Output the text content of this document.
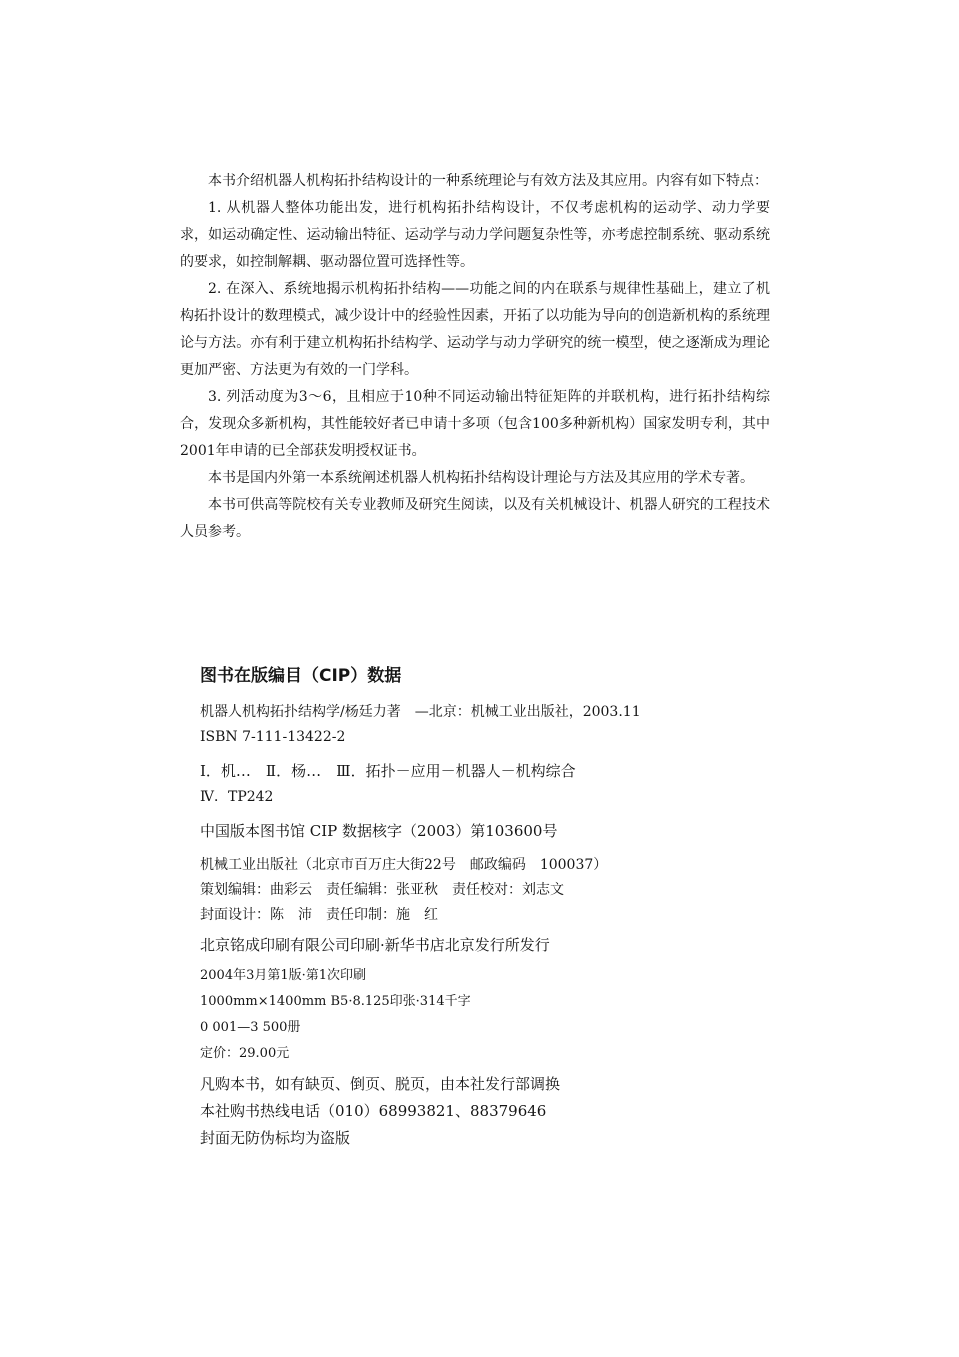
本书介绍机器人机构拓扑结构设计的一种系统理论与有效方法及其应用。内容有如下特点：

1. 从机器人整体功能出发，进行机构拓扑结构设计，不仅考虑机构的运动学、动力学要求，如运动确定性、运动输出特征、运动学与动力学问题复杂性等，亦考虑控制系统、驱动系统的要求，如控制解耦、驱动器位置可选择性等。

2. 在深入、系统地揭示机构拓扑结构——功能之间的内在联系与规律性基础上，建立了机构拓扑设计的数理模式，减少设计中的经验性因素，开拓了以功能为导向的创造新机构的系统理论与方法。亦有利于建立机构拓扑结构学、运动学与动力学研究的统一模型，使之逐渐成为理论更加严密、方法更为有效的一门学科。

3. 列活动度为3～6，且相应于10种不同运动输出特征矩阵的并联机构，进行拓扑结构综合，发现众多新机构，其性能较好者已申请十多项（包含100多种新机构）国家发明专利，其中2001年申请的已全部获发明授权证书。

本书是国内外第一本系统阐述机器人机构拓扑结构设计理论与方法及其应用的学术专著。

本书可供高等院校有关专业教师及研究生阅读，以及有关机械设计、机器人研究的工程技术人员参考。

图书在版编目（CIP）数据

机器人机构拓扑结构学/杨廷力著　—北京：机械工业出版社，2003.11

ISBN 7-111-13422-2

Ⅰ．机…　Ⅱ．杨…　Ⅲ．拓扑－应用－机器人－机构综合

Ⅳ．TP242

中国版本图书馆 CIP 数据核字（2003）第103600号

机械工业出版社（北京市百万庄大街22号　邮政编码　100037）

策划编辑：曲彩云　责任编辑：张亚秋　责任校对：刘志文

封面设计：陈　沛　责任印制：施　红

北京铭成印刷有限公司印刷·新华书店北京发行所发行

2004年3月第1版·第1次印刷

1000mm×1400mm B5·8.125印张·314千字

0 001—3 500册

定价：29.00元

凡购本书，如有缺页、倒页、脱页，由本社发行部调换

本社购书热线电话（010）68993821、88379646

封面无防伪标均为盗版
